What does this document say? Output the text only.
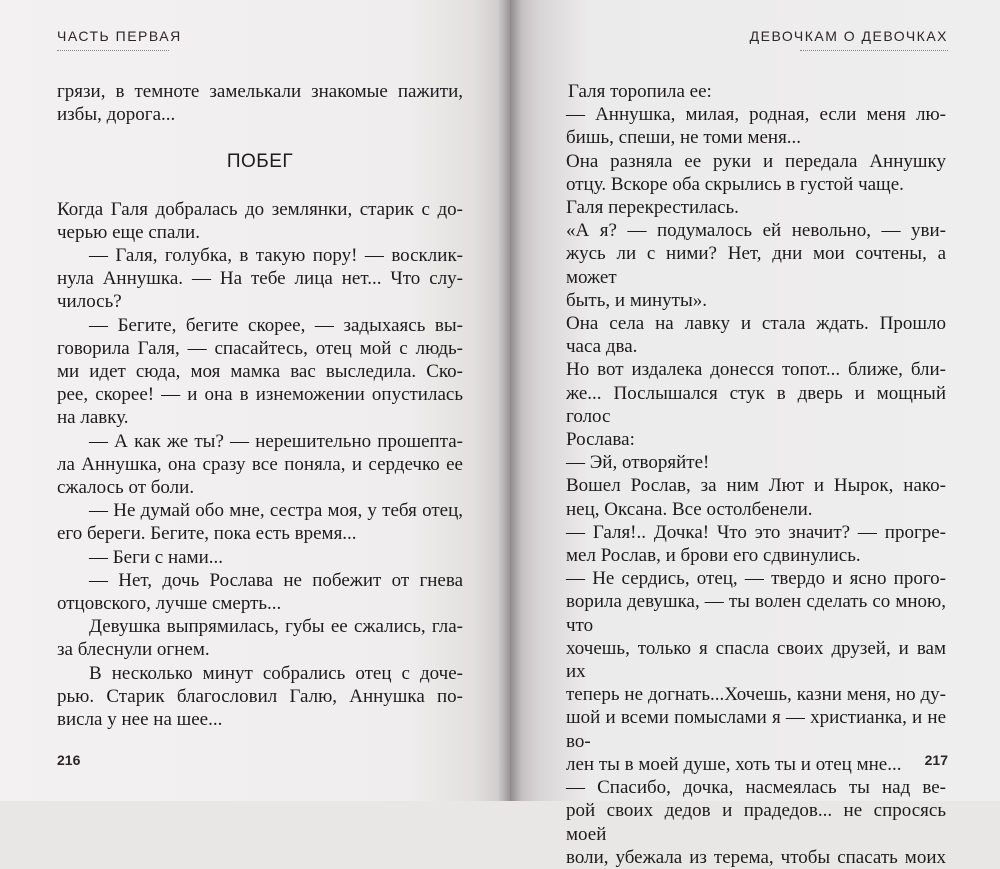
ЧАСТЬ ПЕРВАЯ
грязи, в темноте замелькали знакомые пажити,
избы, дорога...
ПОБЕГ
Когда Галя добралась до землянки, старик с до-
черью еще спали.
— Галя, голубка, в такую пору! — восклик-
нула Аннушка. — На тебе лица нет... Что слу-
чилось?
— Бегите, бегите скорее, — задыхаясь вы-
говорила Галя, — спасайтесь, отец мой с людь-
ми идет сюда, моя мамка вас выследила. Ско-
рее, скорее! — и она в изнеможении опустилась
на лавку.
— А как же ты? — нерешительно прошепта-
ла Аннушка, она сразу все поняла, и сердечко ее
сжалось от боли.
— Не думай обо мне, сестра моя, у тебя отец,
его береги. Бегите, пока есть время...
— Беги с нами...
— Нет, дочь Рослава не побежит от гнева
отцовского, лучше смерть...
Девушка выпрямилась, губы ее сжались, гла-
за блеснули огнем.
В несколько минут собрались отец с доче-
рью. Старик благословил Галю, Аннушка по-
висла у нее на шее...
216
ДЕВОЧКАМ О ДЕВОЧКАХ
217
Галя торопила ее:
— Аннушка, милая, родная, если меня лю-
бишь, спеши, не томи меня...
Она разняла ее руки и передала Аннушку
отцу. Вскоре оба скрылись в густой чаще.
Галя перекрестилась.
«А я? — подумалось ей невольно, — уви-
жусь ли с ними? Нет, дни мои сочтены, а может
быть, и минуты».
Она села на лавку и стала ждать. Прошло
часа два.
Но вот издалека донесся топот... ближе, бли-
же... Послышался стук в дверь и мощный голос
Рослава:
— Эй, отворяйте!
Вошел Рослав, за ним Лют и Нырок, нако-
нец, Оксана. Все остолбенели.
— Галя!.. Дочка! Что это значит? — прогре-
мел Рослав, и брови его сдвинулись.
— Не сердись, отец, — твердо и ясно прого-
ворила девушка, — ты волен сделать со мною, что
хочешь, только я спасла своих друзей, и вам их
теперь не догнать...Хочешь, казни меня, но ду-
шой и всеми помыслами я — христианка, и не во-
лен ты в моей душе, хоть ты и отец мне...
— Спасибо, дочка, насмеялась ты над ве-
рой своих дедов и прадедов... не спросясь моей
воли, убежала из терема, чтобы спасать моих
